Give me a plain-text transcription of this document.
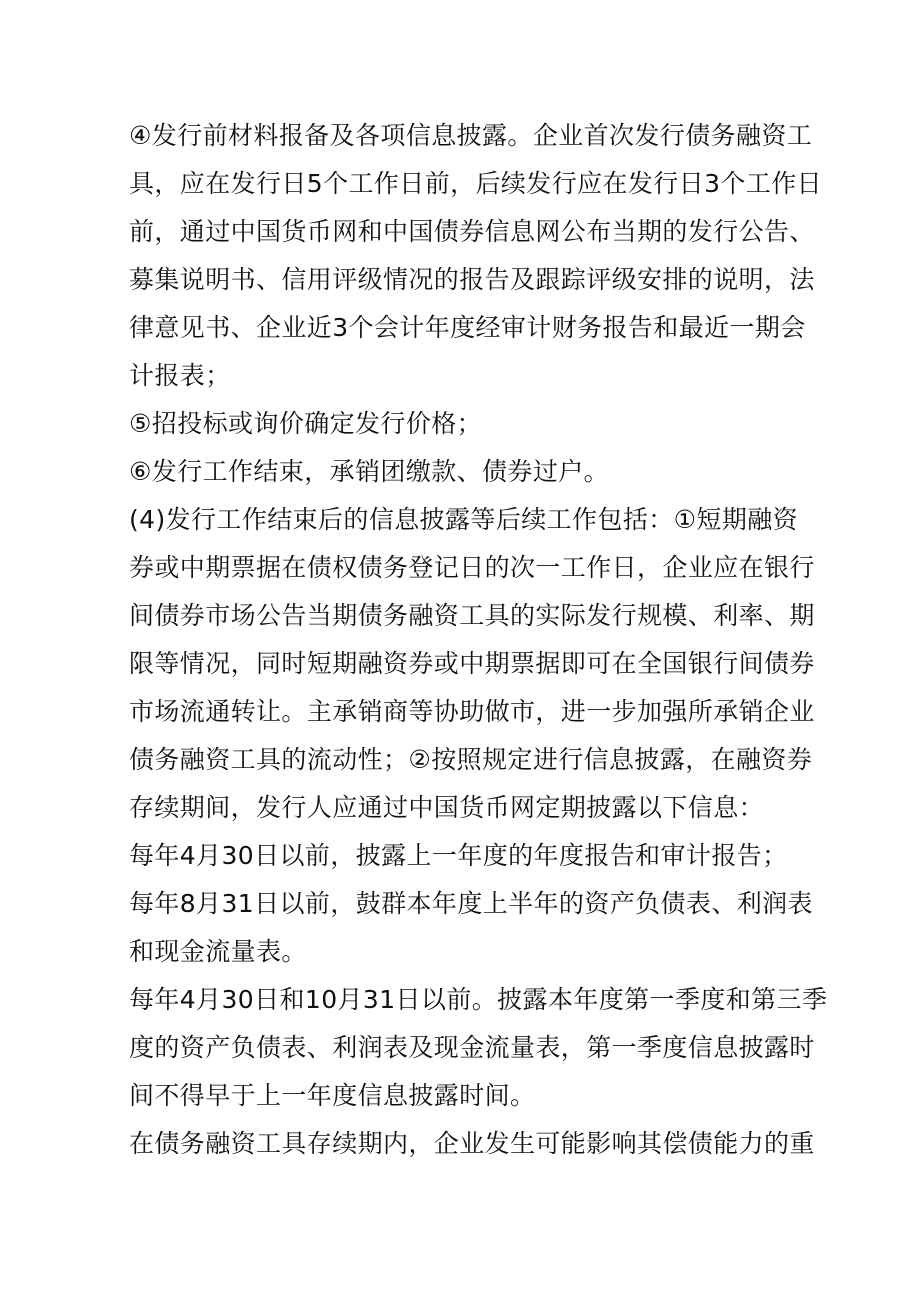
④发行前材料报备及各项信息披露。企业首次发行债务融资工

具，应在发行日5个工作日前，后续发行应在发行日3个工作日

前，通过中国货币网和中国债券信息网公布当期的发行公告、

募集说明书、信用评级情况的报告及跟踪评级安排的说明，法

律意见书、企业近3个会计年度经审计财务报告和最近一期会

计报表；

⑤招投标或询价确定发行价格；

⑥发行工作结束，承销团缴款、债券过户。

(4)发行工作结束后的信息披露等后续工作包括：①短期融资

券或中期票据在债权债务登记日的次一工作日，企业应在银行

间债券市场公告当期债务融资工具的实际发行规模、利率、期

限等情况，同时短期融资券或中期票据即可在全国银行间债券

市场流通转让。主承销商等协助做市，进一步加强所承销企业

债务融资工具的流动性；②按照规定进行信息披露，在融资券

存续期间，发行人应通过中国货币网定期披露以下信息：

每年4月30日以前，披露上一年度的年度报告和审计报告；

每年8月31日以前，鼓群本年度上半年的资产负债表、利润表

和现金流量表。

每年4月30日和10月31日以前。披露本年度第一季度和第三季

度的资产负债表、利润表及现金流量表，第一季度信息披露时

间不得早于上一年度信息披露时间。

在债务融资工具存续期内，企业发生可能影响其偿债能力的重
